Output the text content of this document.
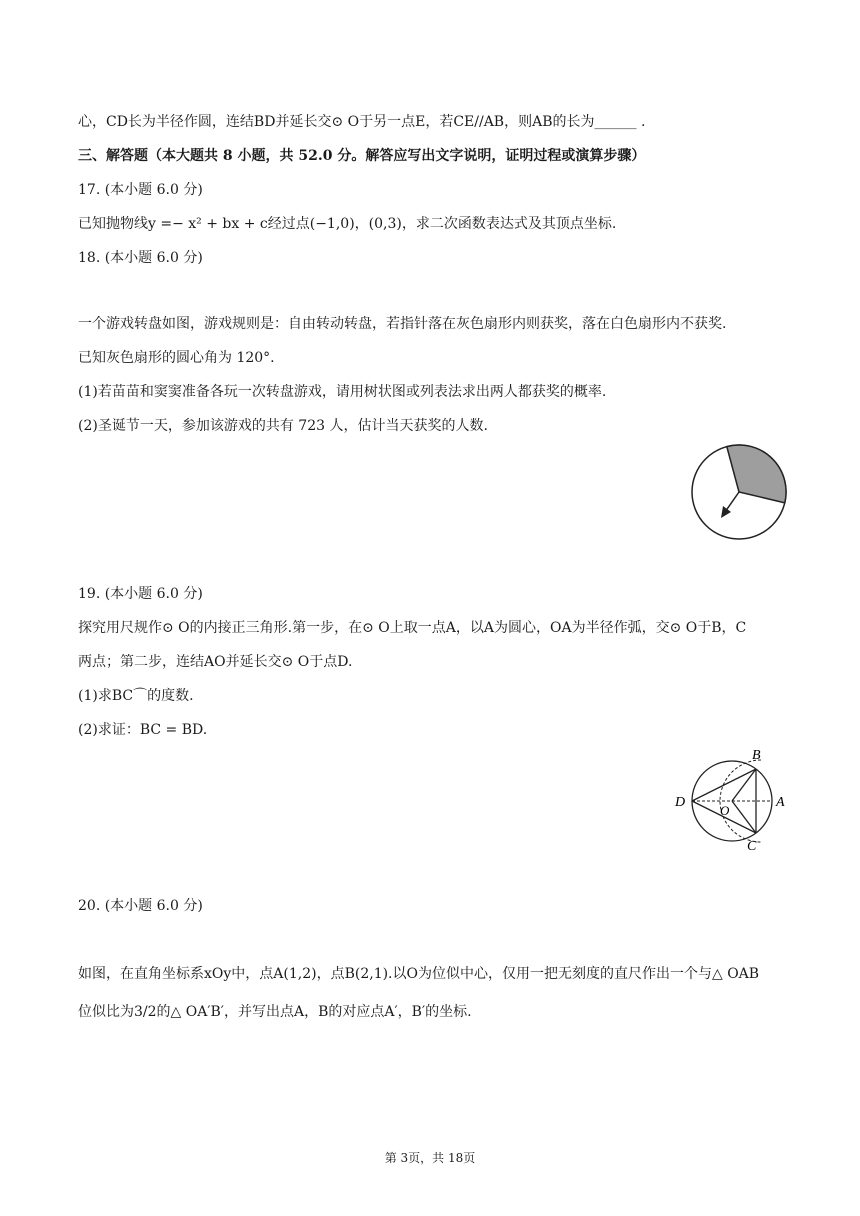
心，CD长为半径作圆，连结BD并延长交⊙ O于另一点E，若CE//AB，则AB的长为______ .
三、解答题（本大题共 8 小题，共 52.0 分。解答应写出文字说明，证明过程或演算步骤）
17. (本小题 6.0 分)
已知抛物线y =− x² + bx + c经过点(−1,0)，(0,3)，求二次函数表达式及其顶点坐标.
18. (本小题 6.0 分)
一个游戏转盘如图，游戏规则是：自由转动转盘，若指针落在灰色扇形内则获奖，落在白色扇形内不获奖.
已知灰色扇形的圆心角为 120°.
(1)若苗苗和窦窦准备各玩一次转盘游戏，请用树状图或列表法求出两人都获奖的概率.
(2)圣诞节一天，参加该游戏的共有 723 人，估计当天获奖的人数.
19. (本小题 6.0 分)
探究用尺规作⊙ O的内接正三角形.第一步，在⊙ O上取一点A，以A为圆心，OA为半径作弧，交⊙ O于B，C
两点；第二步，连结AO并延长交⊙ O于点D.
(1)求BC⌒的度数.
(2)求证：BC = BD.
B
A
D
O
C
20. (本小题 6.0 分)
如图，在直角坐标系xOy中，点A(1,2)，点B(2,1).以O为位似中心，仅用一把无刻度的直尺作出一个与△ OAB
位似比为3/2的△ OA′B′，并写出点A，B的对应点A′，B′的坐标.
第 3页，共 18页
